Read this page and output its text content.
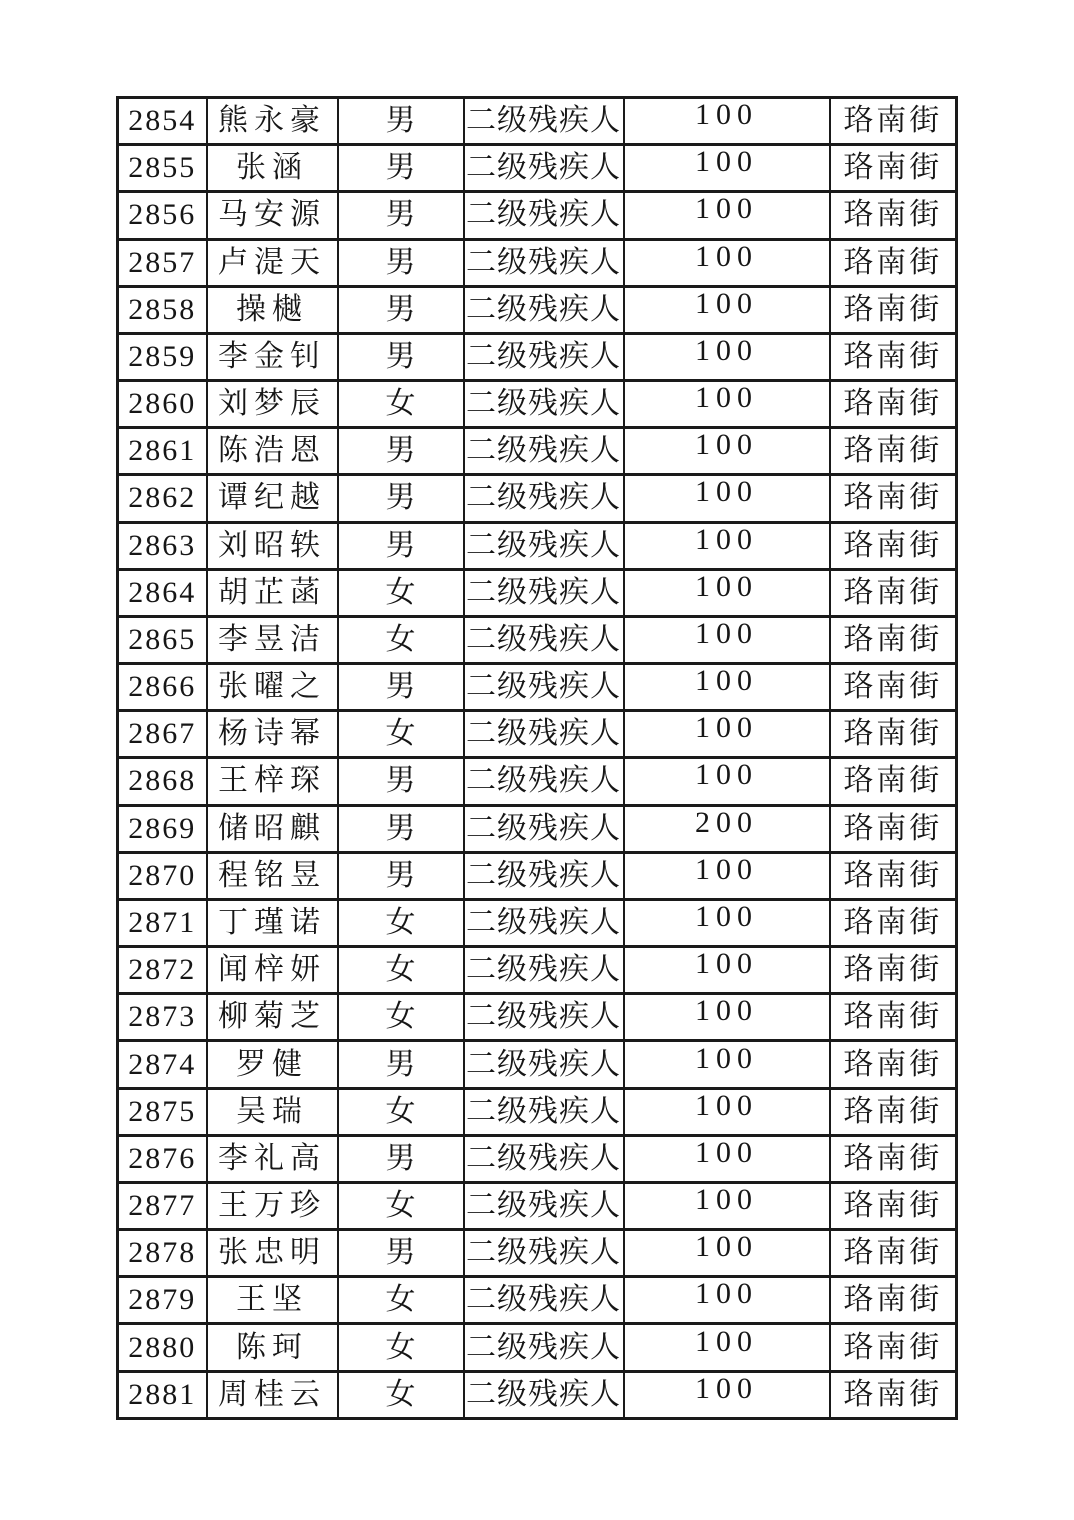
2854	熊永豪	男	二级残疾人	100	珞南街
2855	张涵	男	二级残疾人	100	珞南街
2856	马安源	男	二级残疾人	100	珞南街
2857	卢湜天	男	二级残疾人	100	珞南街
2858	操樾	男	二级残疾人	100	珞南街
2859	李金钊	男	二级残疾人	100	珞南街
2860	刘梦辰	女	二级残疾人	100	珞南街
2861	陈浩恩	男	二级残疾人	100	珞南街
2862	谭纪越	男	二级残疾人	100	珞南街
2863	刘昭轶	男	二级残疾人	100	珞南街
2864	胡芷菡	女	二级残疾人	100	珞南街
2865	李昱洁	女	二级残疾人	100	珞南街
2866	张曜之	男	二级残疾人	100	珞南街
2867	杨诗幂	女	二级残疾人	100	珞南街
2868	王梓琛	男	二级残疾人	100	珞南街
2869	储昭麒	男	二级残疾人	200	珞南街
2870	程铭昱	男	二级残疾人	100	珞南街
2871	丁瑾诺	女	二级残疾人	100	珞南街
2872	闻梓妍	女	二级残疾人	100	珞南街
2873	柳菊芝	女	二级残疾人	100	珞南街
2874	罗健	男	二级残疾人	100	珞南街
2875	吴瑞	女	二级残疾人	100	珞南街
2876	李礼高	男	二级残疾人	100	珞南街
2877	王万珍	女	二级残疾人	100	珞南街
2878	张忠明	男	二级残疾人	100	珞南街
2879	王坚	女	二级残疾人	100	珞南街
2880	陈珂	女	二级残疾人	100	珞南街
2881	周桂云	女	二级残疾人	100	珞南街
